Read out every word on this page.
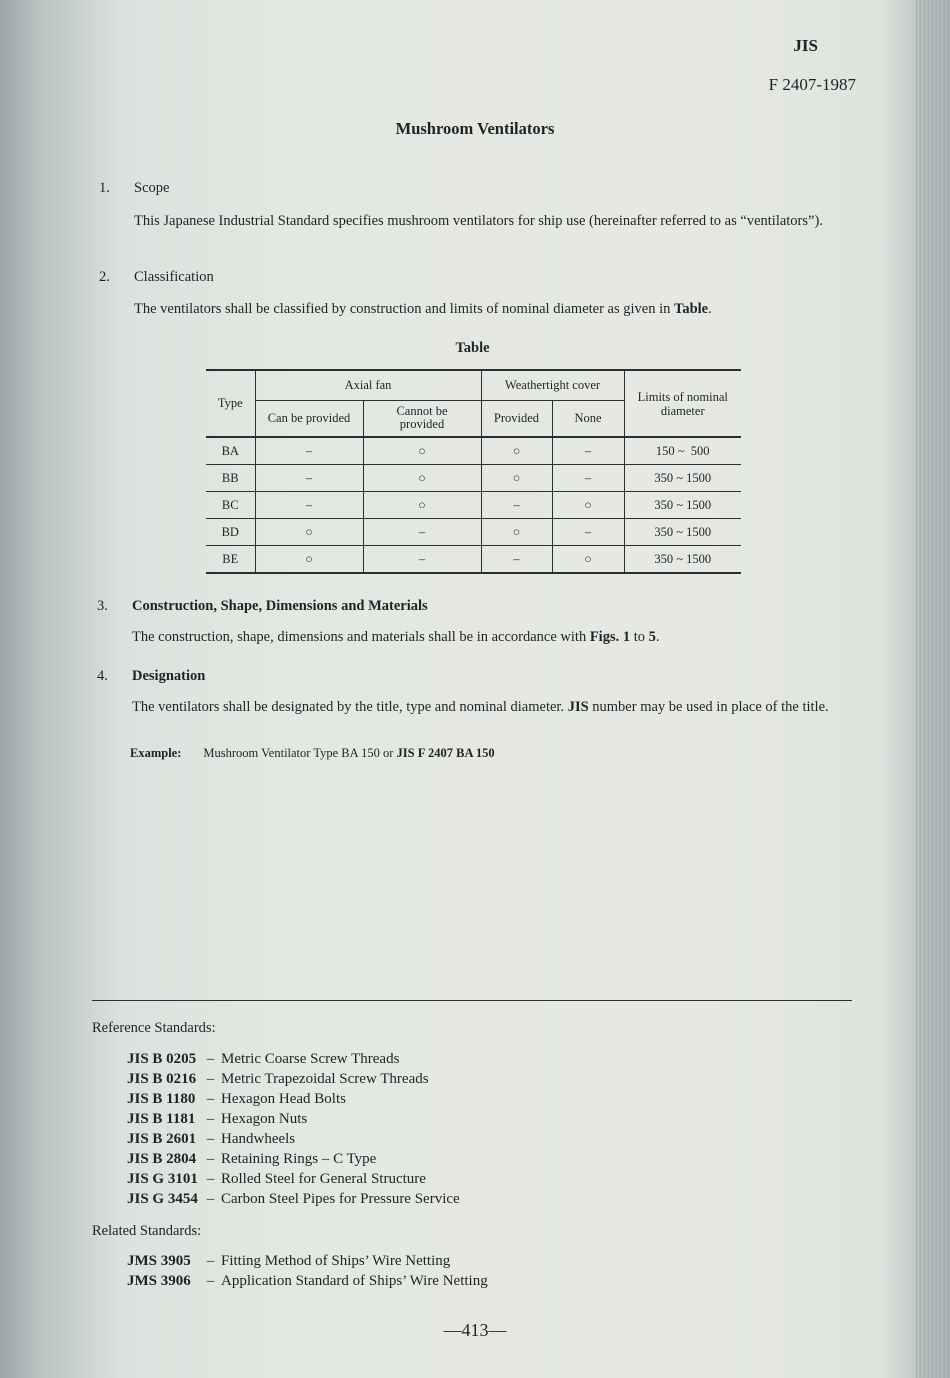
JIS
F 2407-1987
Mushroom Ventilators
1. Scope
This Japanese Industrial Standard specifies mushroom ventilators for ship use (hereinafter referred to as “ventilators”).
2. Classification
The ventilators shall be classified by construction and limits of nominal diameter as given in Table.
Table
Type	Axial fan		Weathertight cover		Limits of nominal diameter
	Can be provided	Cannot be provided	Provided	None	
BA	–	○	○	–	150 ~  500
BB	–	○	○	–	350 ~ 1500
BC	–	○	–	○	350 ~ 1500
BD	○	–	○	–	350 ~ 1500
BE	○	–	–	○	350 ~ 1500
3. Construction, Shape, Dimensions and Materials
The construction, shape, dimensions and materials shall be in accordance with Figs. 1 to 5.
4. Designation
The ventilators shall be designated by the title, type and nominal diameter. JIS number may be used in place of the title.
Example: Mushroom Ventilator Type BA 150 or JIS F 2407 BA 150
Reference Standards:
JIS B 0205 – Metric Coarse Screw Threads
JIS B 0216 – Metric Trapezoidal Screw Threads
JIS B 1180 – Hexagon Head Bolts
JIS B 1181 – Hexagon Nuts
JIS B 2601 – Handwheels
JIS B 2804 – Retaining Rings – C Type
JIS G 3101 – Rolled Steel for General Structure
JIS G 3454 – Carbon Steel Pipes for Pressure Service
Related Standards:
JMS 3905 – Fitting Method of Ships’ Wire Netting
JMS 3906 – Application Standard of Ships’ Wire Netting
—413—
